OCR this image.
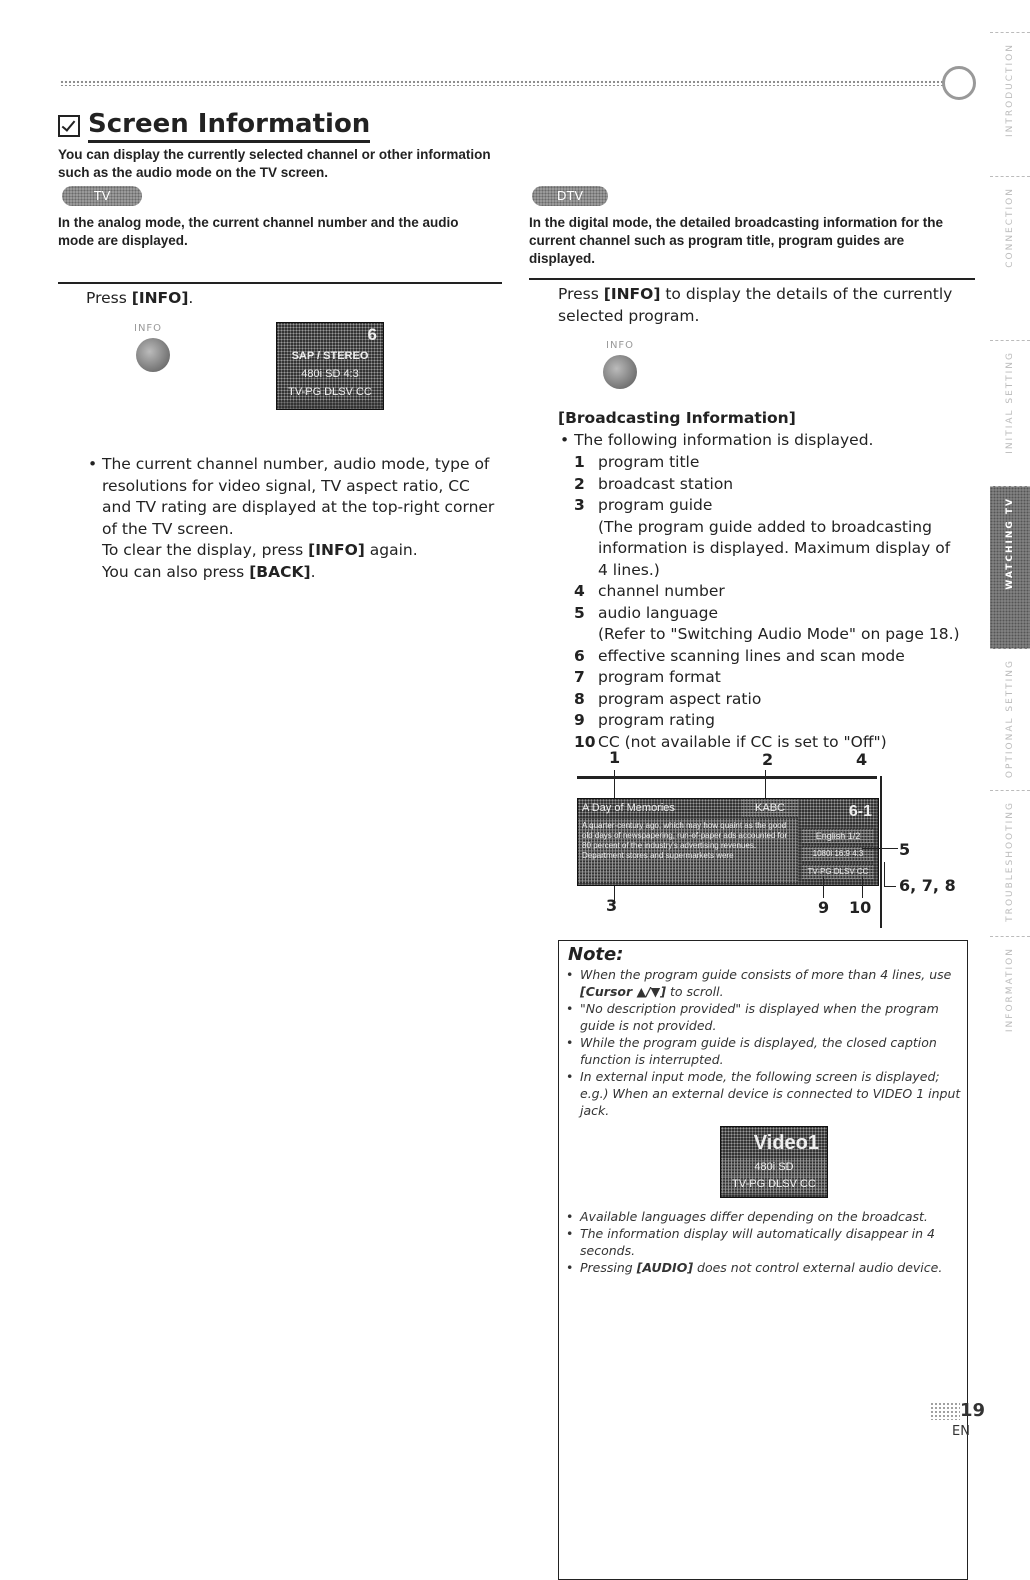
Screen Information
You can display the currently selected channel or other information such as the audio mode on the TV screen.
TV
In the analog mode, the current channel number and the audio mode are displayed.
Press [INFO].
INFO	6
SAP / STEREO
480i SD 4:3
TV-PG DLSV CC
• The current channel number, audio mode, type of resolutions for video signal, TV aspect ratio, CC and TV rating are displayed at the top-right corner of the TV screen.
To clear the display, press [INFO] again.
You can also press [BACK].
DTV
In the digital mode, the detailed broadcasting information for the current channel such as program title, program guides are displayed.
Press [INFO] to display the details of the currently selected program.
INFO
[Broadcasting Information]
• The following information is displayed.
1 program title
2 broadcast station
3 program guide
(The program guide added to broadcasting information is displayed. Maximum display of 4 lines.)
4 channel number
5 audio language
(Refer to "Switching Audio Mode" on page 18.)
6 effective scanning lines and scan mode
7 program format
8 program aspect ratio
9 program rating
10 CC (not available if CC is set to "Off")
1	2	4
A Day of Memories	KABC	6-1
A quarter-century ago, which may how quaint as the good old days of newspapering, run-of-paper ads accounted for 80 percent of the industry's advertising revenues. Department stores and supermarkets were
English 1/2
1080i 16:9 4:3
TV-PG DLSV CC
5
6, 7, 8
3	9 10
Note:
• When the program guide consists of more than 4 lines, use [Cursor ▲/▼] to scroll.
• "No description provided" is displayed when the program guide is not provided.
• While the program guide is displayed, the closed caption function is interrupted.
• In external input mode, the following screen is displayed; e.g.) When an external device is connected to VIDEO 1 input jack.
Video1
480i SD
TV-PG DLSV CC
• Available languages differ depending on the broadcast.
• The information display will automatically disappear in 4 seconds.
• Pressing [AUDIO] does not control external audio device.
INTRODUCTION
CONNECTION
INITIAL SETTING
WATCHING TV
OPTIONAL SETTING
TROUBLESHOOTING
INFORMATION
19
EN
